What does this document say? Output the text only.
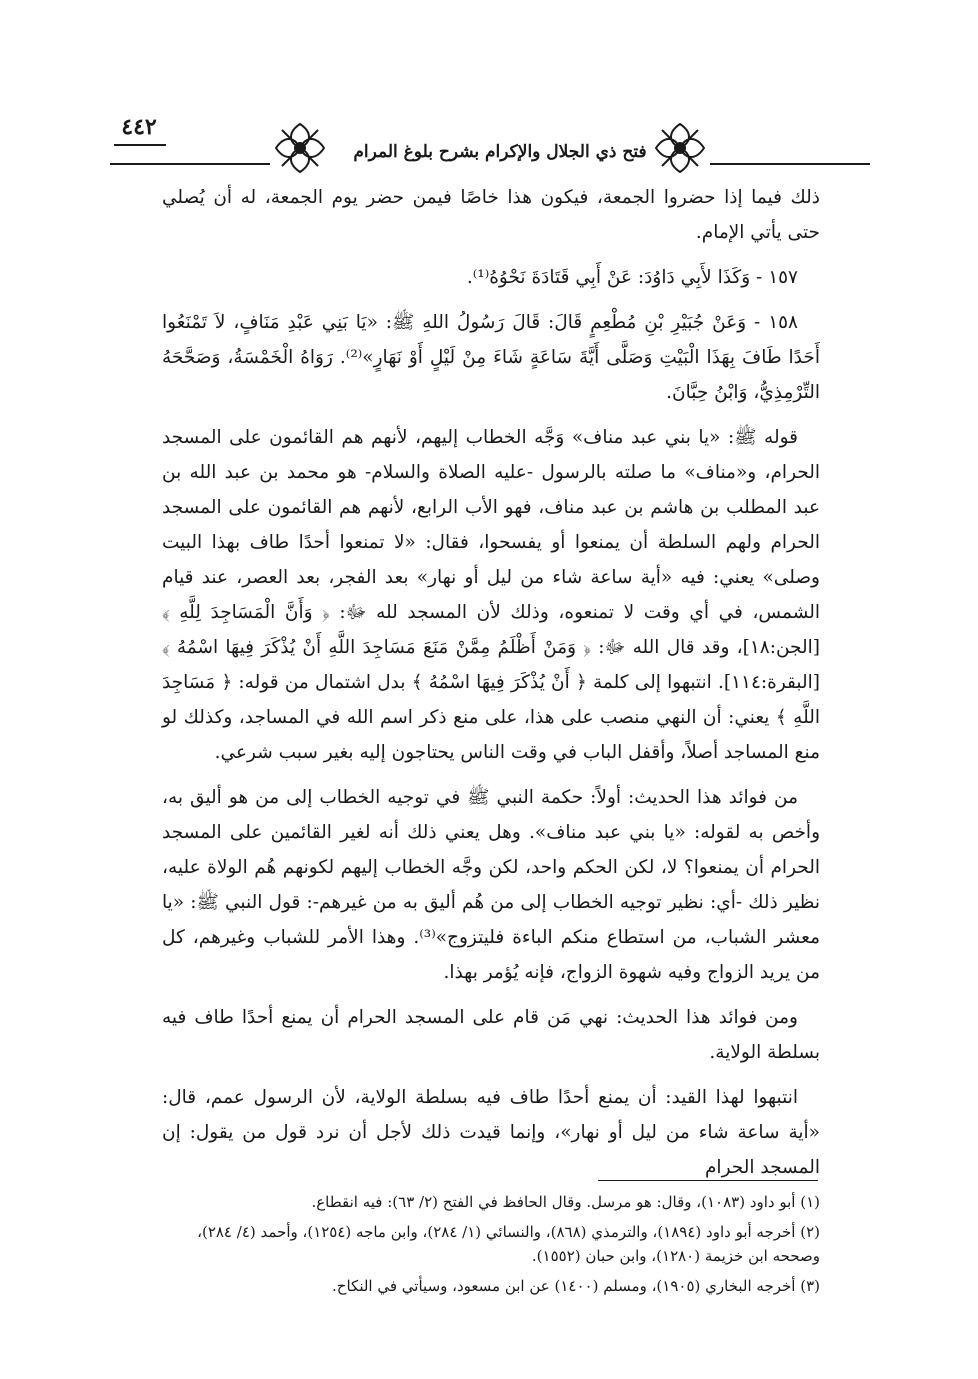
٤٤٢
فتح ذي الجلال والإكرام بشرح بلوغ المرام

ذلك فيما إذا حضروا الجمعة، فيكون هذا خاصًا فيمن حضر يوم الجمعة، له أن يُصلي حتى يأتي الإمام.

١٥٧ - وَكَذَا لأَبِي دَاوُدَ: عَنْ أَبِي قَتَادَةَ نَحْوُهُ⁽¹⁾.

١٥٨ - وَعَنْ جُبَيْرِ بْنِ مُطْعِمٍ قَالَ: قَالَ رَسُولُ اللهِ ﷺ: «يَا بَنِي عَبْدِ مَنَافٍ، لاَ تَمْنَعُوا أَحَدًا طَافَ بِهَذَا الْبَيْتِ وَصَلَّى أَيَّةَ سَاعَةٍ شَاءَ مِنْ لَيْلٍ أَوْ نَهَارٍ»⁽²⁾. رَوَاهُ الْخَمْسَةُ، وَصَحَّحَهُ التِّرْمِذِيُّ، وَابْنُ حِبَّانَ.

قوله ﷺ: «يا بني عبد مناف» وَجَّه الخطاب إليهم، لأنهم هم القائمون على المسجد الحرام، و«مناف» ما صلته بالرسول -عليه الصلاة والسلام- هو محمد بن عبد الله بن عبد المطلب بن هاشم بن عبد مناف، فهو الأب الرابع، لأنهم هم القائمون على المسجد الحرام ولهم السلطة أن يمنعوا أو يفسحوا، فقال: «لا تمنعوا أحدًا طاف بهذا البيت وصلى» يعني: فيه «أية ساعة شاء من ليل أو نهار» بعد الفجر، بعد العصر، عند قيام الشمس، في أي وقت لا تمنعوه، وذلك لأن المسجد لله ﷻ: ﴿ وَأَنَّ الْمَسَاجِدَ لِلَّهِ ﴾ [الجن:١٨]، وقد قال الله ﷻ: ﴿ وَمَنْ أَظْلَمُ مِمَّنْ مَنَعَ مَسَاجِدَ اللَّهِ أَنْ يُذْكَرَ فِيهَا اسْمُهُ ﴾ [البقرة:١١٤]. انتبهوا إلى كلمة ﴿ أَنْ يُذْكَرَ فِيهَا اسْمُهُ ﴾ بدل اشتمال من قوله: ﴿ مَسَاجِدَ اللَّهِ ﴾ يعني: أن النهي منصب على هذا، على منع ذكر اسم الله في المساجد، وكذلك لو منع المساجد أصلاً، وأقفل الباب في وقت الناس يحتاجون إليه بغير سبب شرعي.

من فوائد هذا الحديث: أولاً: حكمة النبي ﷺ في توجيه الخطاب إلى من هو أليق به، وأخص به لقوله: «يا بني عبد مناف». وهل يعني ذلك أنه لغير القائمين على المسجد الحرام أن يمنعوا؟ لا، لكن الحكم واحد، لكن وجَّه الخطاب إليهم لكونهم هُم الولاة عليه، نظير ذلك -أي: نظير توجيه الخطاب إلى من هُم أليق به من غيرهم-: قول النبي ﷺ: «يا معشر الشباب، من استطاع منكم الباءة فليتزوج»⁽³⁾. وهذا الأمر للشباب وغيرهم، كل من يريد الزواج وفيه شهوة الزواج، فإنه يُؤمر بهذا.

ومن فوائد هذا الحديث: نهي مَن قام على المسجد الحرام أن يمنع أحدًا طاف فيه بسلطة الولاية.

انتبهوا لهذا القيد: أن يمنع أحدًا طاف فيه بسلطة الولاية، لأن الرسول عمم، قال: «أية ساعة شاء من ليل أو نهار»، وإنما قيدت ذلك لأجل أن نرد قول من يقول: إن المسجد الحرام

(١) أبو داود (١٠٨٣)، وقال: هو مرسل. وقال الحافظ في الفتح (٢/ ٦٣): فيه انقطاع.

(٢) أخرجه أبو داود (١٨٩٤)، والترمذي (٨٦٨)، والنسائي (١/ ٢٨٤)، وابن ماجه (١٢٥٤)، وأحمد (٤/ ٢٨٤)، وصححه ابن خزيمة (١٢٨٠)، وابن حبان (١٥٥٢).

(٣) أخرجه البخاري (١٩٠٥)، ومسلم (١٤٠٠) عن ابن مسعود، وسيأتي في النكاح.
